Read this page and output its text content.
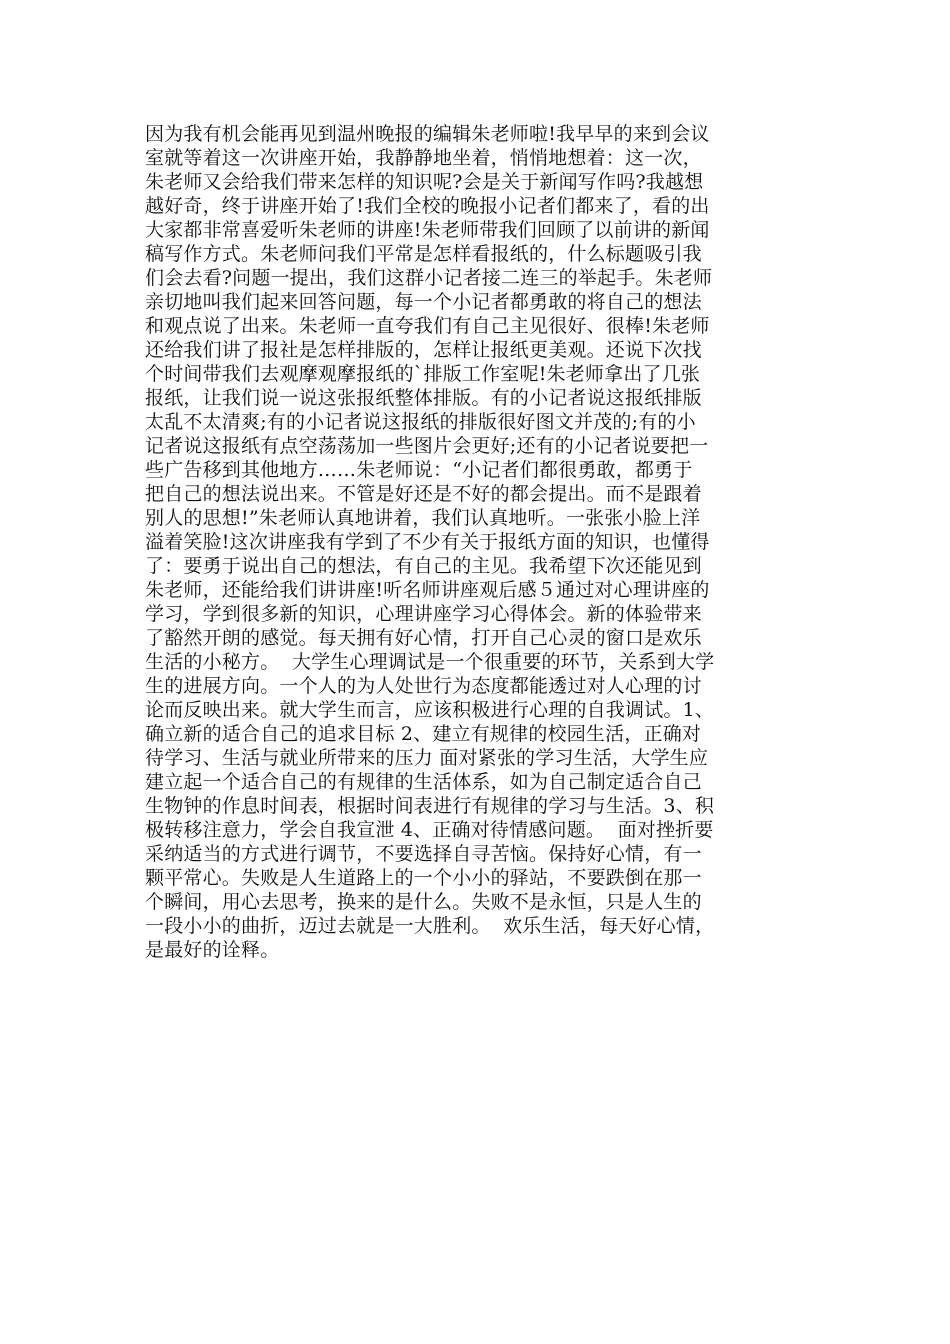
因为我有机会能再见到温州晚报的编辑朱老师啦!我早早的来到会议
室就等着这一次讲座开始，我静静地坐着，悄悄地想着：这一次，
朱老师又会给我们带来怎样的知识呢?会是关于新闻写作吗?我越想
越好奇，终于讲座开始了!我们全校的晚报小记者们都来了，看的出
大家都非常喜爱听朱老师的讲座!朱老师带我们回顾了以前讲的新闻
稿写作方式。朱老师问我们平常是怎样看报纸的，什么标题吸引我
们会去看?问题一提出，我们这群小记者接二连三的举起手。朱老师
亲切地叫我们起来回答问题，每一个小记者都勇敢的将自己的想法
和观点说了出来。朱老师一直夸我们有自己主见很好、很棒!朱老师
还给我们讲了报社是怎样排版的，怎样让报纸更美观。还说下次找
个时间带我们去观摩观摩报纸的`排版工作室呢!朱老师拿出了几张
报纸，让我们说一说这张报纸整体排版。有的小记者说这报纸排版
太乱不太清爽;有的小记者说这报纸的排版很好图文并茂的;有的小
记者说这报纸有点空荡荡加一些图片会更好;还有的小记者说要把一
些广告移到其他地方……朱老师说：“小记者们都很勇敢，都勇于
把自己的想法说出来。不管是好还是不好的都会提出。而不是跟着
别人的思想!”朱老师认真地讲着，我们认真地听。一张张小脸上洋
溢着笑脸!这次讲座我有学到了不少有关于报纸方面的知识，也懂得
了：要勇于说出自己的想法，有自己的主见。我希望下次还能见到
朱老师，还能给我们讲讲座!听名师讲座观后感５通过对心理讲座的
学习，学到很多新的知识，心理讲座学习心得体会。新的体验带来
了豁然开朗的感觉。每天拥有好心情，打开自己心灵的窗口是欢乐
生活的小秘方。  大学生心理调试是一个很重要的环节，关系到大学
生的进展方向。一个人的为人处世行为态度都能透过对人心理的讨
论而反映出来。就大学生而言，应该积极进行心理的自我调试。1、
确立新的适合自己的追求目标 2、建立有规律的校园生活，正确对
待学习、生活与就业所带来的压力 面对紧张的学习生活，大学生应
建立起一个适合自己的有规律的生活体系，如为自己制定适合自己
生物钟的作息时间表，根据时间表进行有规律的学习与生活。3、积
极转移注意力，学会自我宣泄 4、正确对待情感问题。  面对挫折要
采纳适当的方式进行调节，不要选择自寻苦恼。保持好心情，有一
颗平常心。失败是人生道路上的一个小小的驿站，不要跌倒在那一
个瞬间，用心去思考，换来的是什么。失败不是永恒，只是人生的
一段小小的曲折，迈过去就是一大胜利。  欢乐生活，每天好心情，
是最好的诠释。
